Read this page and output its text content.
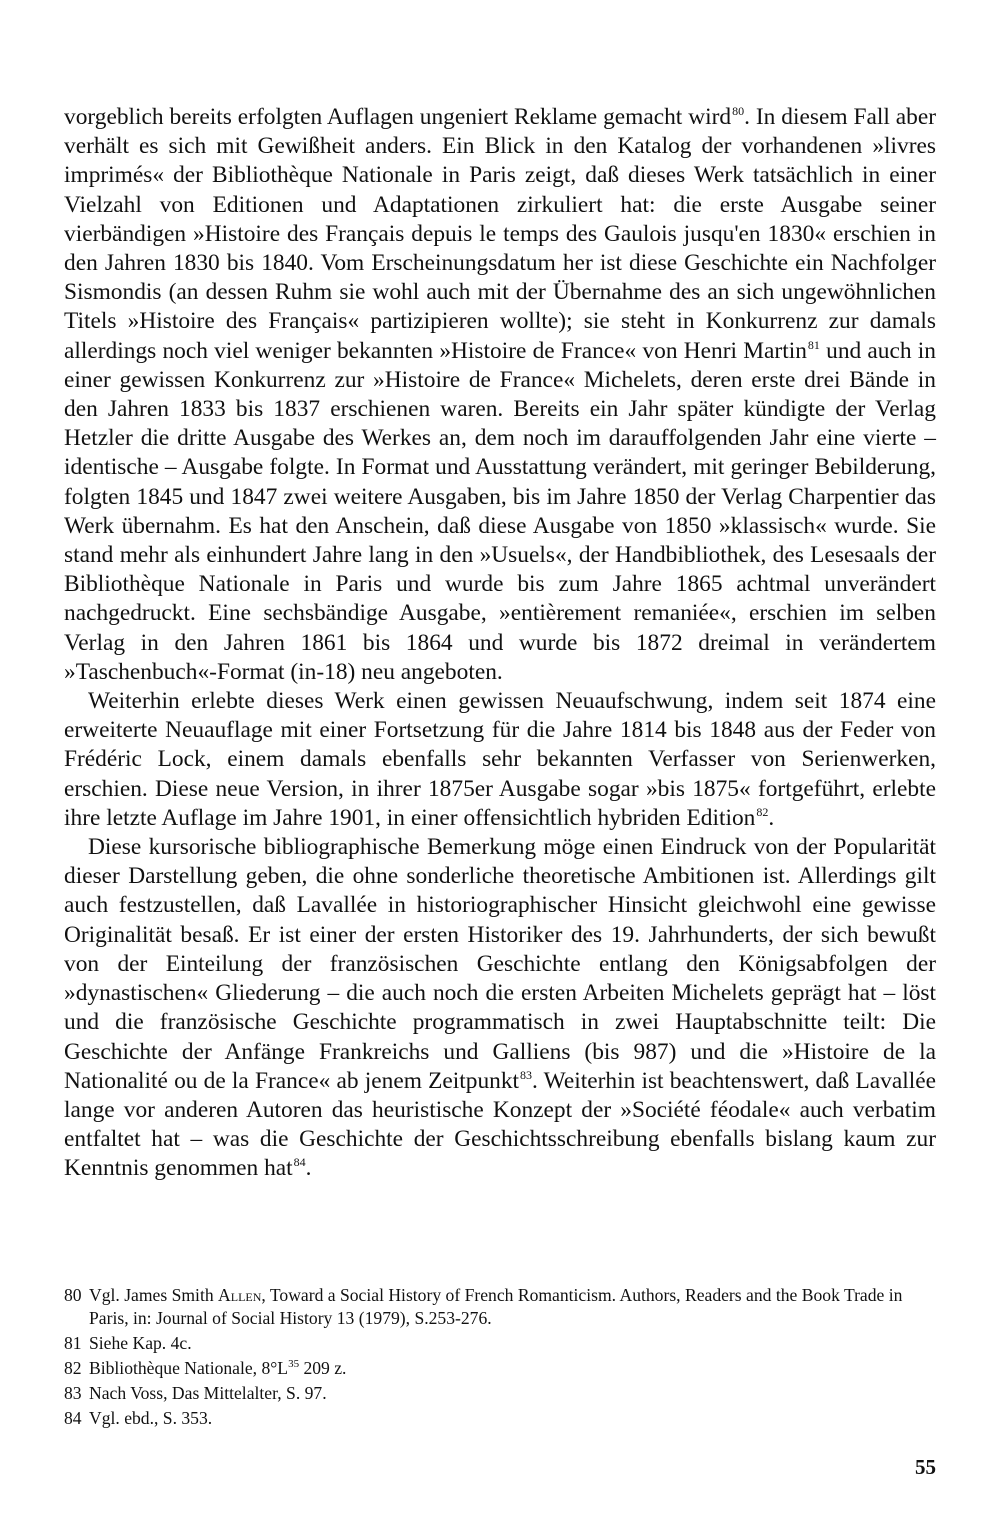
vorgeblich bereits erfolgten Auflagen ungeniert Reklame gemacht wird$^{80}$. In diesem Fall aber verhält es sich mit Gewißheit anders. Ein Blick in den Katalog der vorhandenen »livres imprimés« der Bibliothèque Nationale in Paris zeigt, daß dieses Werk tatsächlich in einer Vielzahl von Editionen und Adaptationen zirkuliert hat: die erste Ausgabe seiner vierbändigen »Histoire des Français depuis le temps des Gaulois jusqu'en 1830« erschien in den Jahren 1830 bis 1840. Vom Erscheinungsdatum her ist diese Geschichte ein Nachfolger Sismondis (an dessen Ruhm sie wohl auch mit der Übernahme des an sich ungewöhnlichen Titels »Histoire des Français« partizipieren wollte); sie steht in Konkurrenz zur damals allerdings noch viel weniger bekannten »Histoire de France« von Henri Martin$^{81}$ und auch in einer gewissen Konkurrenz zur »Histoire de France« Michelets, deren erste drei Bände in den Jahren 1833 bis 1837 erschienen waren. Bereits ein Jahr später kündigte der Verlag Hetzler die dritte Ausgabe des Werkes an, dem noch im darauffolgenden Jahr eine vierte – identische – Ausgabe folgte. In Format und Ausstattung verändert, mit geringer Bebilderung, folgten 1845 und 1847 zwei weitere Ausgaben, bis im Jahre 1850 der Verlag Charpentier das Werk übernahm. Es hat den Anschein, daß diese Ausgabe von 1850 »klassisch« wurde. Sie stand mehr als einhundert Jahre lang in den »Usuels«, der Handbibliothek, des Lesesaals der Bibliothèque Nationale in Paris und wurde bis zum Jahre 1865 achtmal unverändert nachgedruckt. Eine sechsbändige Ausgabe, »entièrement remaniée«, erschien im selben Verlag in den Jahren 1861 bis 1864 und wurde bis 1872 dreimal in verändertem »Taschenbuch«-Format (in-18) neu angeboten.

Weiterhin erlebte dieses Werk einen gewissen Neuaufschwung, indem seit 1874 eine erweiterte Neuauflage mit einer Fortsetzung für die Jahre 1814 bis 1848 aus der Feder von Frédéric Lock, einem damals ebenfalls sehr bekannten Verfasser von Serienwerken, erschien. Diese neue Version, in ihrer 1875er Ausgabe sogar »bis 1875« fortgeführt, erlebte ihre letzte Auflage im Jahre 1901, in einer offensichtlich hybriden Edition$^{82}$.

Diese kursorische bibliographische Bemerkung möge einen Eindruck von der Popularität dieser Darstellung geben, die ohne sonderliche theoretische Ambitionen ist. Allerdings gilt auch festzustellen, daß Lavallée in historiographischer Hinsicht gleichwohl eine gewisse Originalität besaß. Er ist einer der ersten Historiker des 19. Jahrhunderts, der sich bewußt von der Einteilung der französischen Geschichte entlang den Königsabfolgen der »dynastischen« Gliederung – die auch noch die ersten Arbeiten Michelets geprägt hat – löst und die französische Geschichte programmatisch in zwei Hauptabschnitte teilt: Die Geschichte der Anfänge Frankreichs und Galliens (bis 987) und die »Histoire de la Nationalité ou de la France« ab jenem Zeitpunkt$^{83}$. Weiterhin ist beachtenswert, daß Lavallée lange vor anderen Autoren das heuristische Konzept der »Société féodale« auch verbatim entfaltet hat – was die Geschichte der Geschichtsschreibung ebenfalls bislang kaum zur Kenntnis genommen hat$^{84}$.

80 Vgl. James Smith Allen, Toward a Social History of French Romanticism. Authors, Readers and the Book Trade in Paris, in: Journal of Social History 13 (1979), S.253-276.
81 Siehe Kap. 4c.
82 Bibliothèque Nationale, $8^\circ L^{35}$ 209 z.
83 Nach Voss, Das Mittelalter, S. 97.
84 Vgl. ebd., S. 353.
55
